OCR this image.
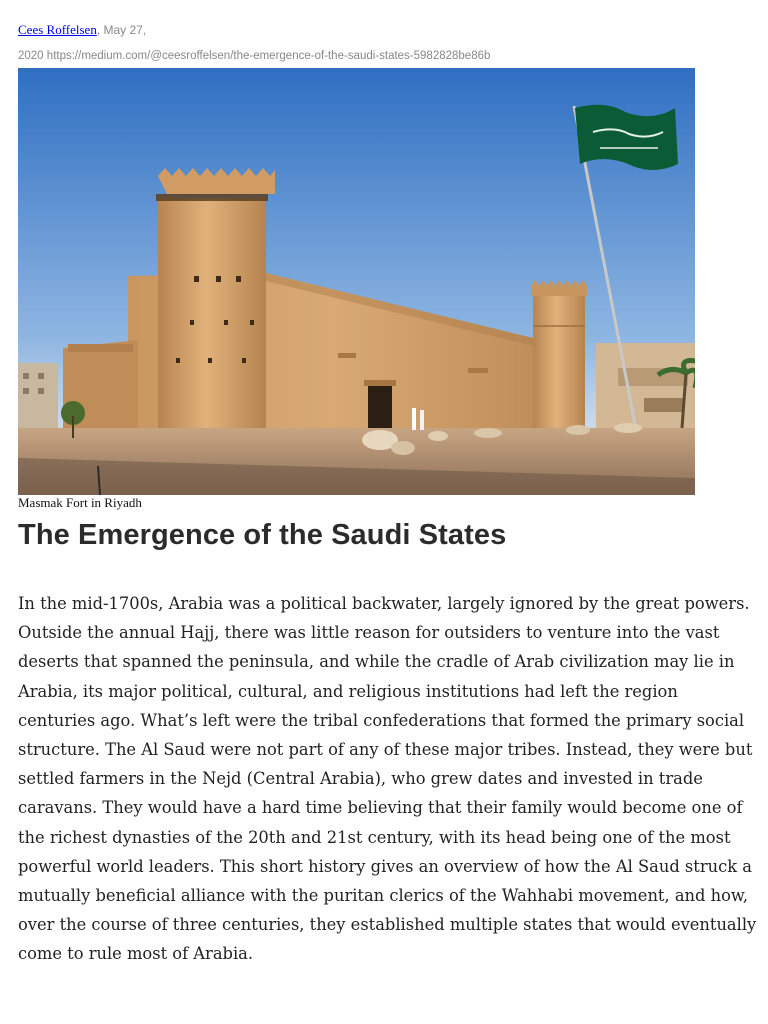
Cees Roffelsen, May 27,
2020 https://medium.com/@ceesroffelsen/the-emergence-of-the-saudi-states-5982828be86b
Masmak Fort in Riyadh
The Emergence of the Saudi States

In the mid-1700s, Arabia was a political backwater, largely ignored by the great powers. Outside the annual Hajj, there was little reason for outsiders to venture into the vast deserts that spanned the peninsula, and while the cradle of Arab civilization may lie in Arabia, its major political, cultural, and religious institutions had left the region centuries ago. What’s left were the tribal confederations that formed the primary social structure. The Al Saud were not part of any of these major tribes. Instead, they were but settled farmers in the Nejd (Central Arabia), who grew dates and invested in trade caravans. They would have a hard time believing that their family would become one of the richest dynasties of the 20th and 21st century, with its head being one of the most powerful world leaders. This short history gives an overview of how the Al Saud struck a mutually beneficial alliance with the puritan clerics of the Wahhabi movement, and how, over the course of three centuries, they established multiple states that would eventually come to rule most of Arabia.
